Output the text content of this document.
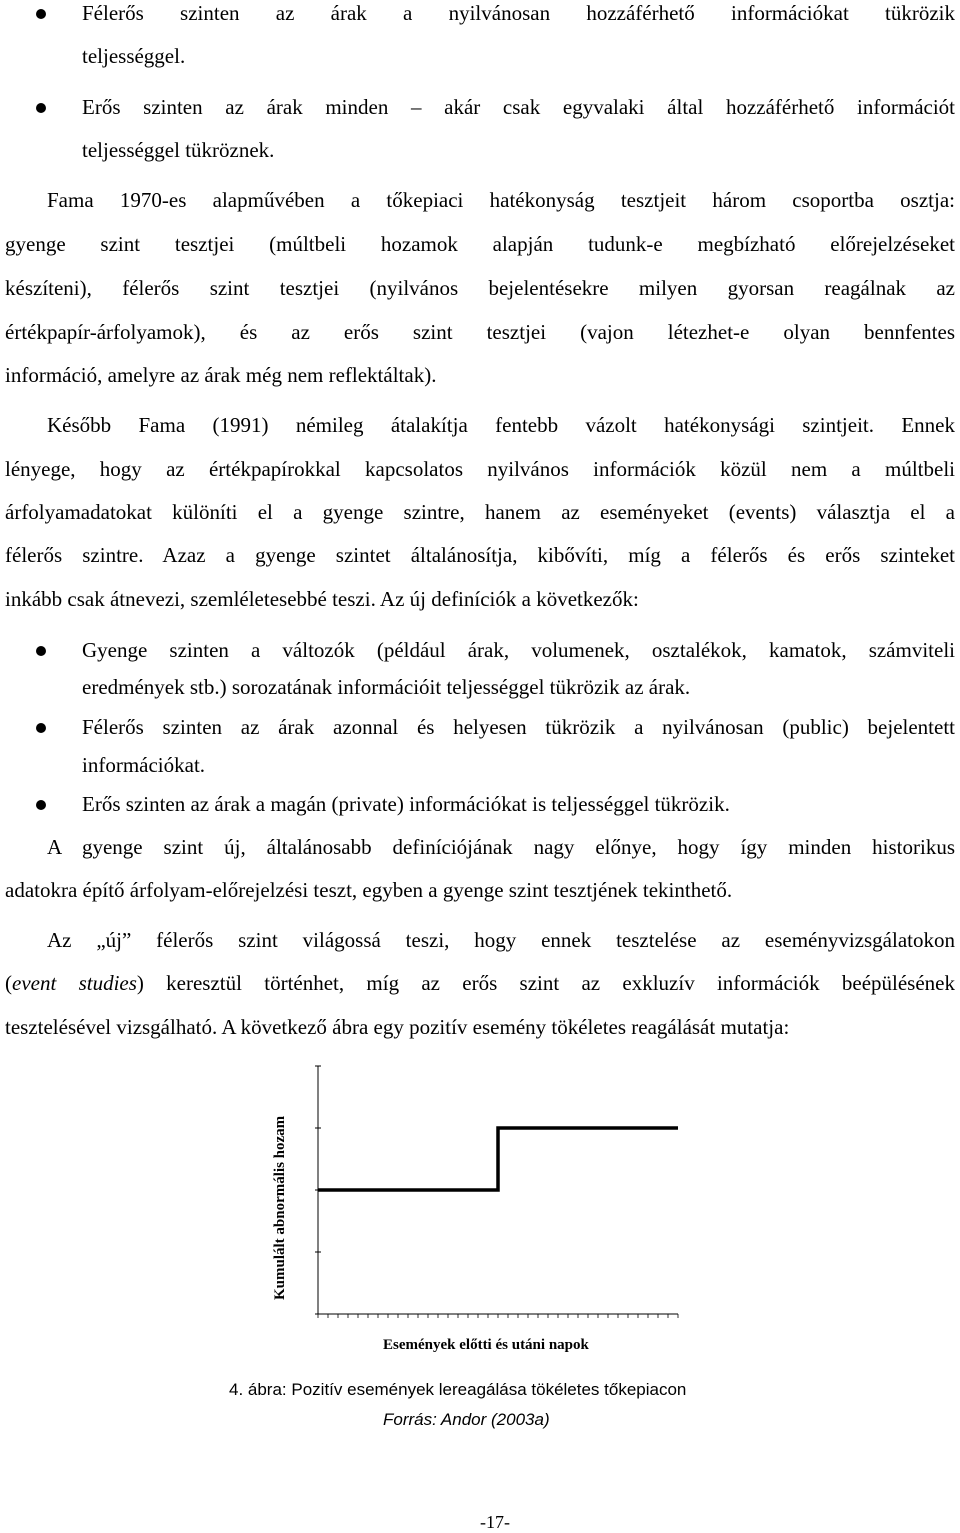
Félerős szinten az árak a nyilvánosan hozzáférhető információkat tükrözik
teljességgel.
Erős szinten az árak minden – akár csak egyvalaki által hozzáférhető információt
teljességgel tükröznek.
Fama 1970-es alapművében a tőkepiaci hatékonyság tesztjeit három csoportba osztja:
gyenge szint tesztjei (múltbeli hozamok alapján tudunk-e megbízható előrejelzéseket
készíteni), félerős szint tesztjei (nyilvános bejelentésekre milyen gyorsan reagálnak az
értékpapír-árfolyamok), és az erős szint tesztjei (vajon létezhet-e olyan bennfentes
információ, amelyre az árak még nem reflektáltak).
Később Fama (1991) némileg átalakítja fentebb vázolt hatékonysági szintjeit. Ennek
lényege, hogy az értékpapírokkal kapcsolatos nyilvános információk közül nem a múltbeli
árfolyamadatokat különíti el a gyenge szintre, hanem az eseményeket (events) választja el a
félerős szintre. Azaz a gyenge szintet általánosítja, kibővíti, míg a félerős és erős szinteket
inkább csak átnevezi, szemléletesebbé teszi. Az új definíciók a következők:
Gyenge szinten a változók (például árak, volumenek, osztalékok, kamatok, számviteli
eredmények stb.) sorozatának információit teljességgel tükrözik az árak.
Félerős szinten az árak azonnal és helyesen tükrözik a nyilvánosan (public) bejelentett
információkat.
Erős szinten az árak a magán (private) információkat is teljességgel tükrözik.
A gyenge szint új, általánosabb definíciójának nagy előnye, hogy így minden historikus
adatokra építő árfolyam-előrejelzési teszt, egyben a gyenge szint tesztjének tekinthető.
Az „új” félerős szint világossá teszi, hogy ennek tesztelése az eseményvizsgálatokon
(event studies) keresztül történhet, míg az erős szint az exkluzív információk beépülésének
tesztelésével vizsgálható. A következő ábra egy pozitív esemény tökéletes reagálását mutatja:
Kumulált abnormális hozam
Események előtti és utáni napok
4. ábra: Pozitív események lereagálása tökéletes tőkepiacon
Forrás: Andor (2003a)
-17-
